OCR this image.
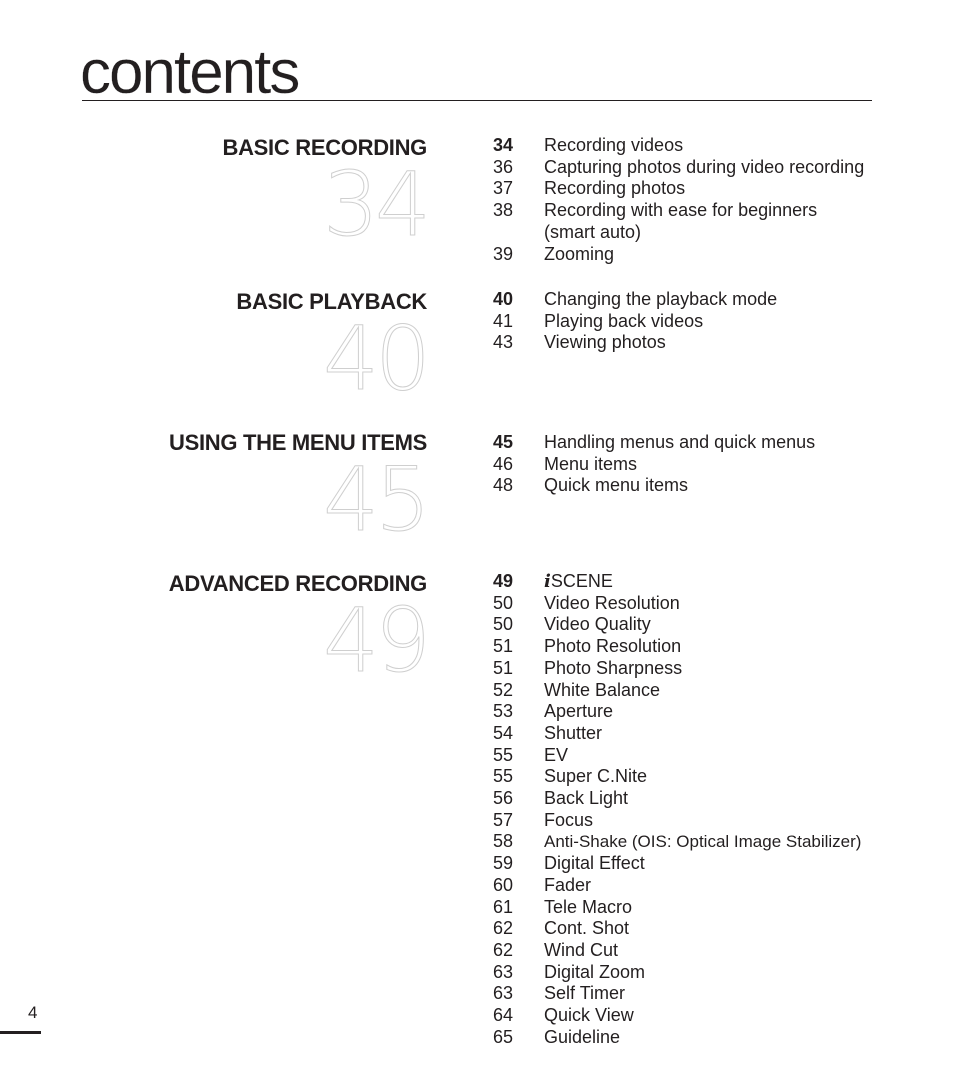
contents
BASIC RECORDING
34
34	Recording videos
36	Capturing photos during video recording
37	Recording photos
38	Recording with ease for beginners (smart auto)
39	Zooming
BASIC PLAYBACK
40
40	Changing the playback mode
41	Playing back videos
43	Viewing photos
USING THE MENU ITEMS
45
45	Handling menus and quick menus
46	Menu items
48	Quick menu items
ADVANCED RECORDING
49
49	iSCENE
50	Video Resolution
50	Video Quality
51	Photo Resolution
51	Photo Sharpness
52	White Balance
53	Aperture
54	Shutter
55	EV
55	Super C.Nite
56	Back Light
57	Focus
58	Anti-Shake (OIS: Optical Image Stabilizer)
59	Digital Effect
60	Fader
61	Tele Macro
62	Cont. Shot
62	Wind Cut
63	Digital Zoom
63	Self Timer
64	Quick View
65	Guideline
4
